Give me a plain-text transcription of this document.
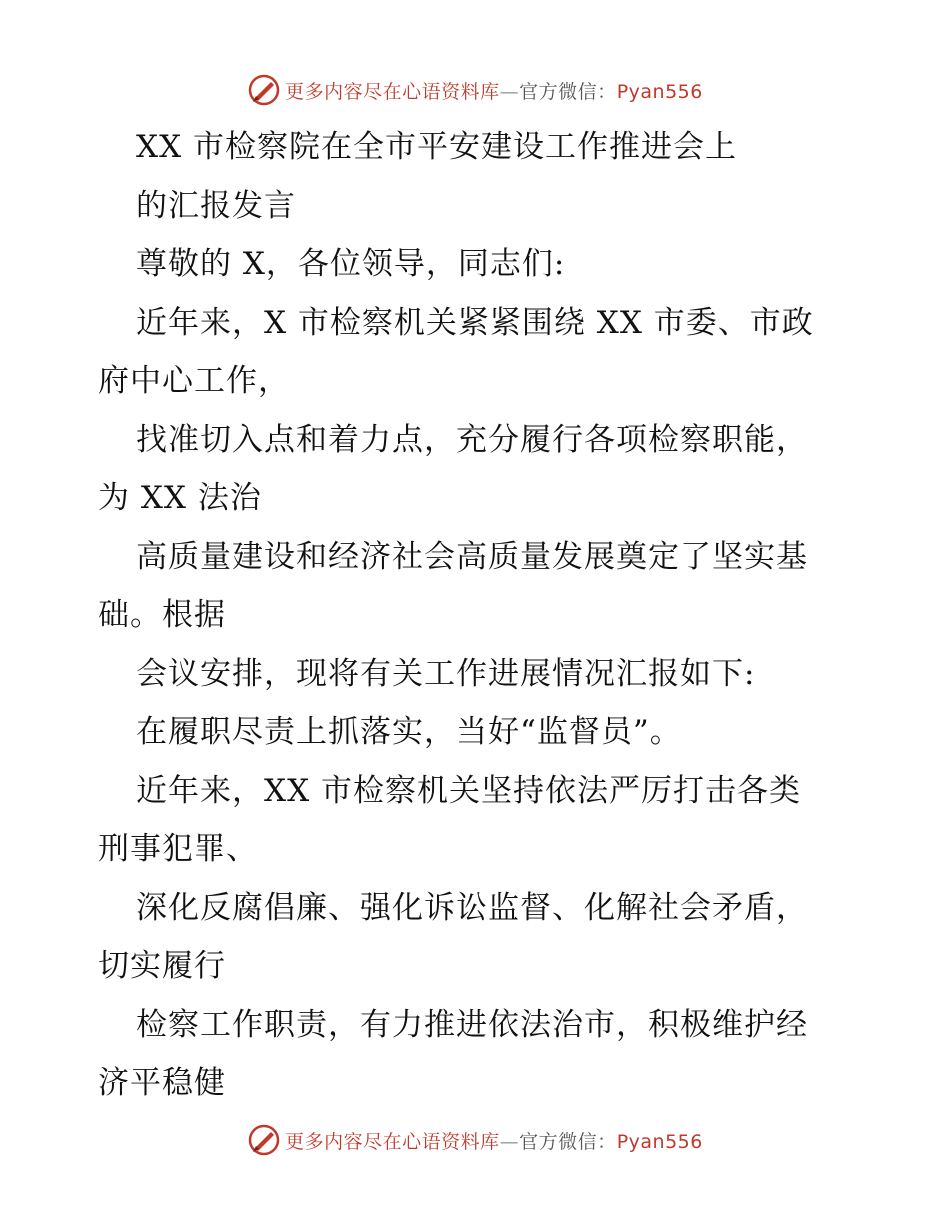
更多内容尽在心语资料库—官方微信：Pyan556
XX 市检察院在全市平安建设工作推进会上
的汇报发言
尊敬的 X，各位领导，同志们:
近年来，X 市检察机关紧紧围绕 XX 市委、市政
府中心工作，
找准切入点和着力点，充分履行各项检察职能，
为 XX 法治
高质量建设和经济社会高质量发展奠定了坚实基
础。根据
会议安排，现将有关工作进展情况汇报如下:
在履职尽责上抓落实，当好“监督员”。
近年来，XX 市检察机关坚持依法严厉打击各类
刑事犯罪、
深化反腐倡廉、强化诉讼监督、化解社会矛盾，
切实履行
检察工作职责，有力推进依法治市，积极维护经
济平稳健
更多内容尽在心语资料库—官方微信：Pyan556
